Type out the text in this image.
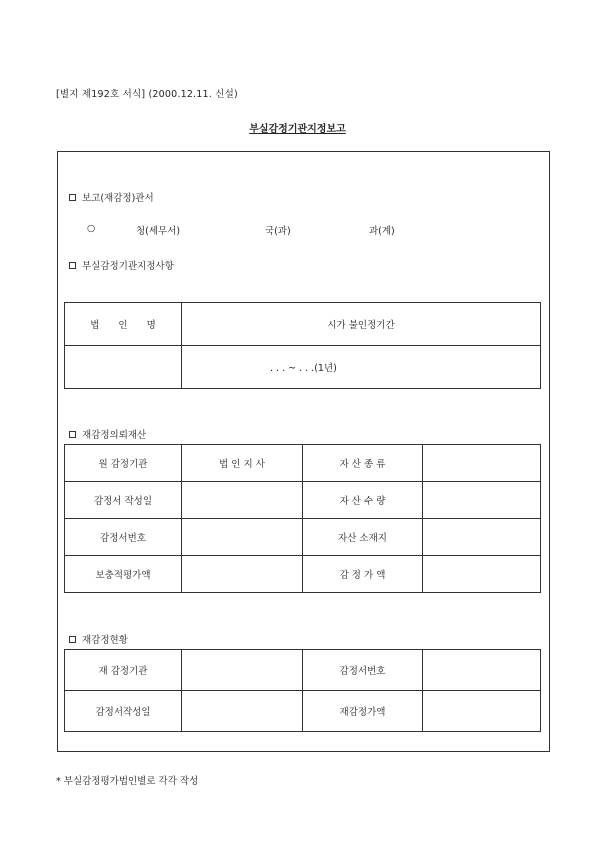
[별지 제192호 서식] (2000.12.11. 신설)
부실감정기관지정보고
보고(재감정)관서
○	청(세무서)	국(과)	과(계)
부실감정기관지정사항
법　　인　　명	시가 불인정기간
	. . . ~ . . .(1년)
재감정의뢰재산
원 감정기관	법 인 지 사	자 산 종 류	
감정서 작성일		자 산 수 량	
감정서번호		자산 소재지	
보충적평가액		감 정 가 액	
재감정현황
재 감정기관		감정서번호	
감정서작성일		재감정가액	
* 부실감정평가법인별로 각각 작성
